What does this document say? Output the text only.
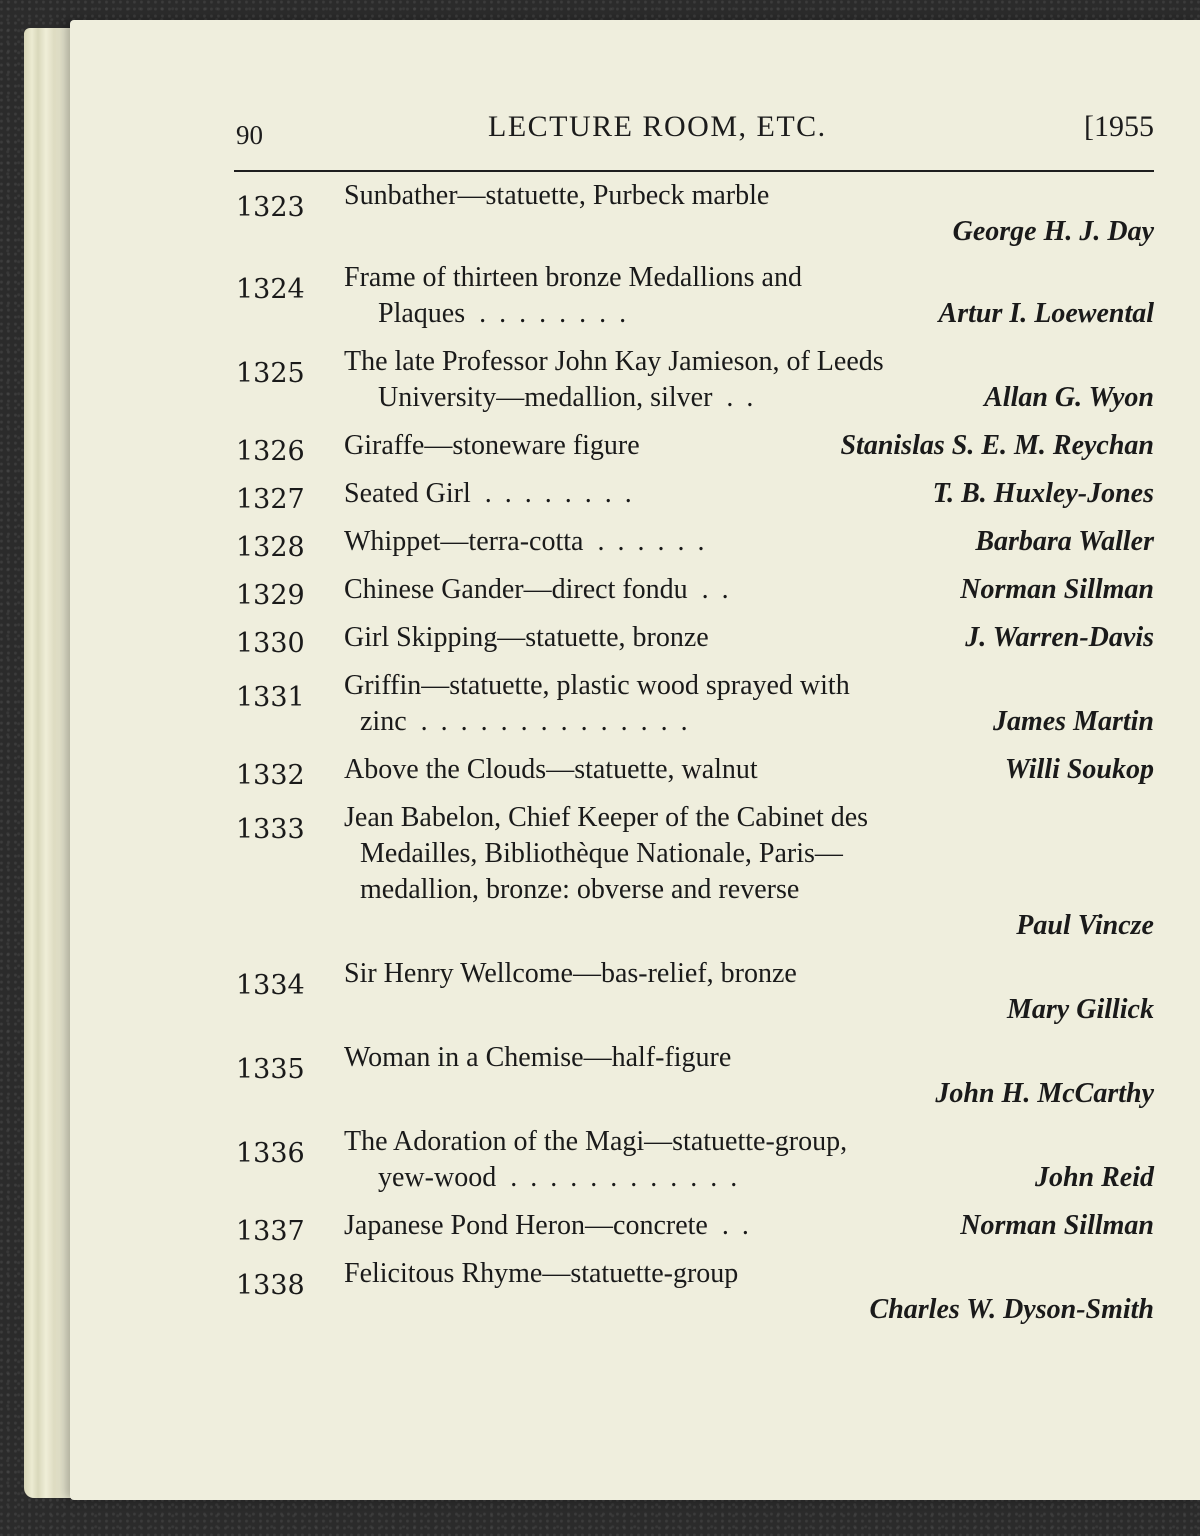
90	LECTURE ROOM, ETC.	[1955
1323	Sunbather—statuette, Purbeck marble
George H. J. Day
1324	Frame of thirteen bronze Medallions and
Plaques . . . . . . . .	Artur I. Loewental
1325	The late Professor John Kay Jamieson, of Leeds
University—medallion, silver . .	Allan G. Wyon
1326	Giraffe—stoneware figure	Stanislas S. E. M. Reychan
1327	Seated Girl . . . . . . . .	T. B. Huxley-Jones
1328	Whippet—terra-cotta . . . . . .	Barbara Waller
1329	Chinese Gander—direct fondu . .	Norman Sillman
1330	Girl Skipping—statuette, bronze	J. Warren-Davis
1331	Griffin—statuette, plastic wood sprayed with
zinc . . . . . . . . . . . . . .	James Martin
1332	Above the Clouds—statuette, walnut	Willi Soukop
1333	Jean Babelon, Chief Keeper of the Cabinet des
Medailles, Bibliothèque Nationale, Paris—
medallion, bronze: obverse and reverse
Paul Vincze
1334	Sir Henry Wellcome—bas-relief, bronze
Mary Gillick
1335	Woman in a Chemise—half-figure
John H. McCarthy
1336	The Adoration of the Magi—statuette-group,
yew-wood . . . . . . . . . . . .	John Reid
1337	Japanese Pond Heron—concrete . .	Norman Sillman
1338	Felicitous Rhyme—statuette-group
Charles W. Dyson-Smith
